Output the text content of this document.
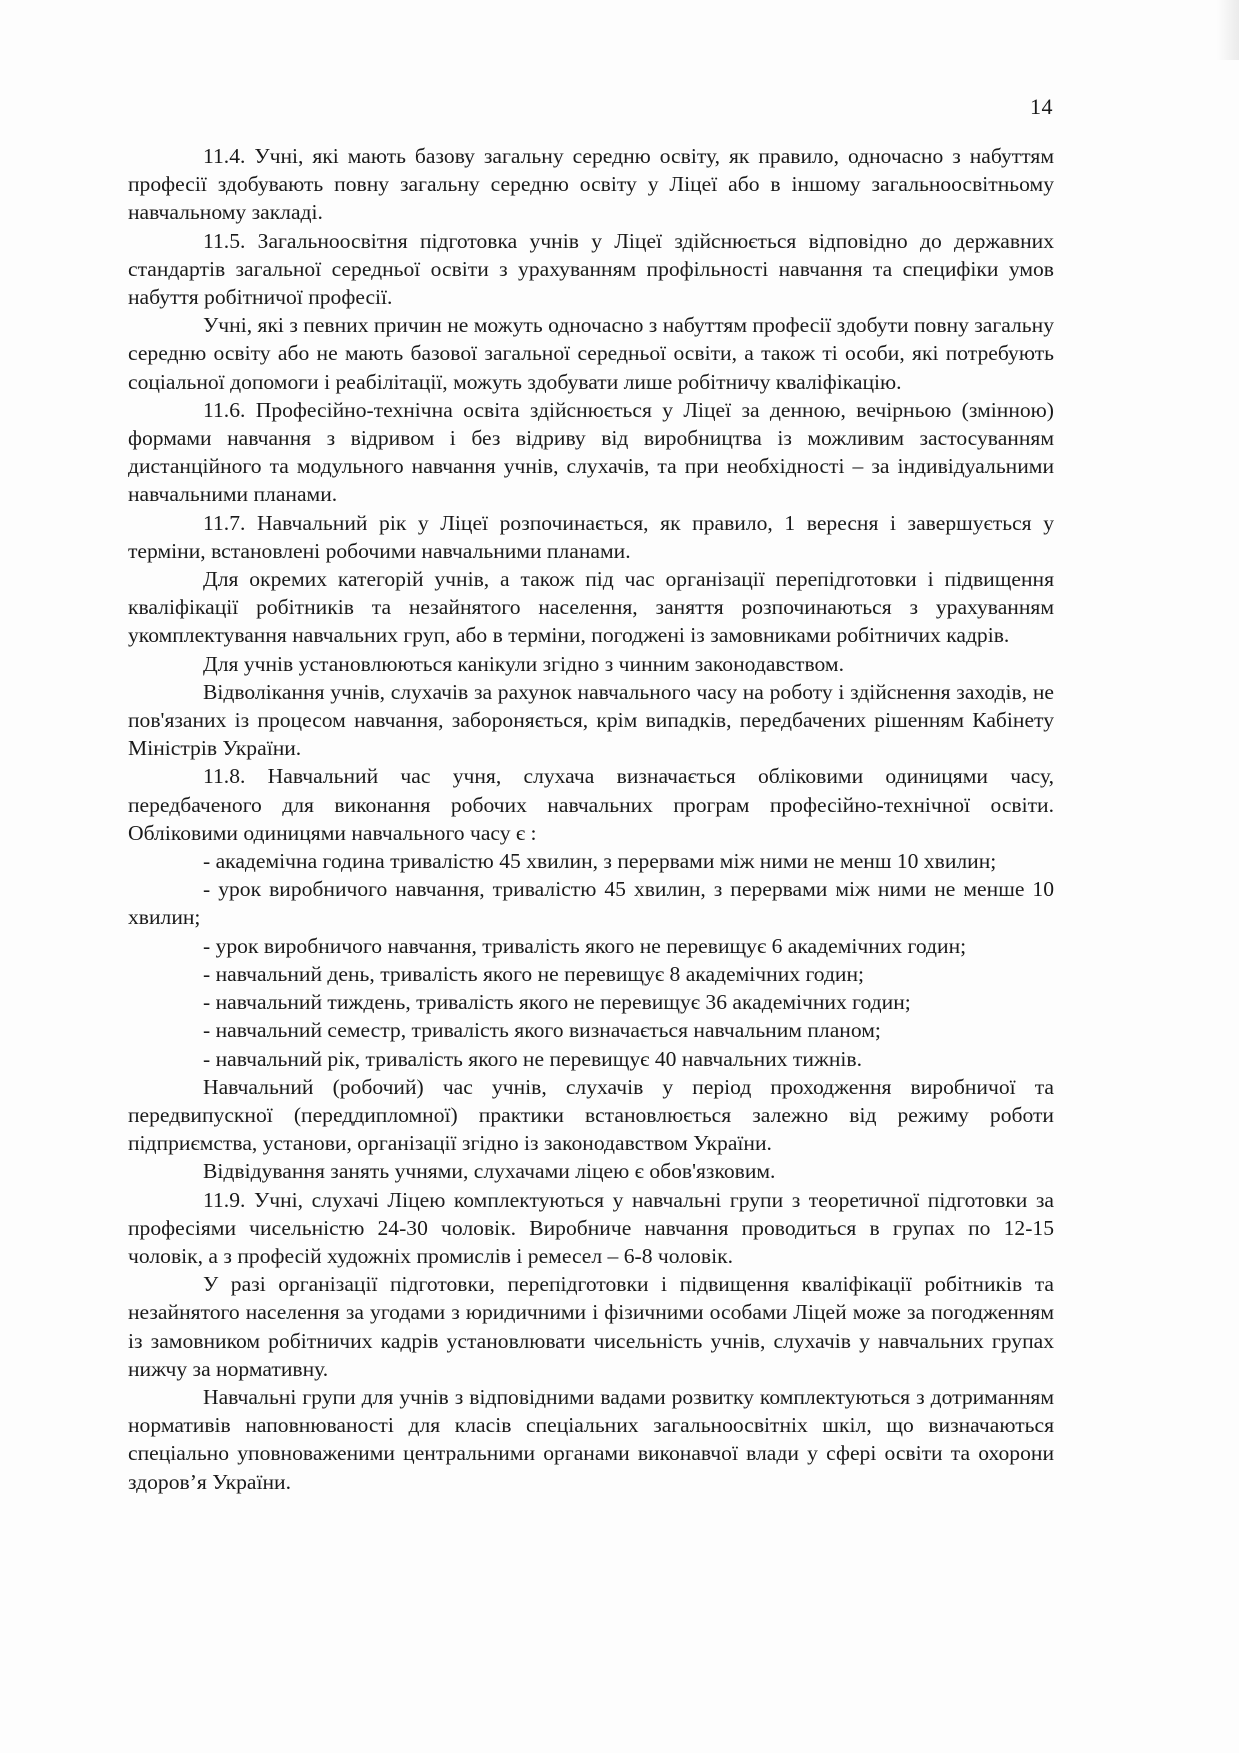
14

11.4. Учні, які мають базову загальну середню освіту, як правило, одночасно з набуттям професії здобувають повну загальну середню освіту у Ліцеї або в іншому загальноосвітньому навчальному закладі.

11.5. Загальноосвітня підготовка учнів у Ліцеї здійснюється відповідно до державних стандартів загальної середньої освіти з урахуванням профільності навчання та специфіки умов набуття робітничої професії.

Учні, які з певних причин не можуть одночасно з набуттям професії здобути повну загальну середню освіту або не мають базової загальної середньої освіти, а також ті особи, які потребують соціальної допомоги і реабілітації, можуть здобувати лише робітничу кваліфікацію.

11.6. Професійно-технічна освіта здійснюється у Ліцеї за денною, вечірньою (змінною) формами навчання з відривом і без відриву від виробництва із можливим застосуванням дистанційного та модульного навчання учнів, слухачів, та при необхідності – за індивідуальними навчальними планами.

11.7. Навчальний рік у Ліцеї розпочинається, як правило, 1 вересня і завершується у терміни, встановлені робочими навчальними планами.

Для окремих категорій учнів, а також під час організації перепідготовки і підвищення кваліфікації робітників та незайнятого населення, заняття розпочинаються з урахуванням укомплектування навчальних груп, або в терміни, погоджені із замовниками робітничих кадрів.

Для учнів установлюються канікули згідно з чинним законодавством.

Відволікання учнів, слухачів за рахунок навчального часу на роботу і здійснення заходів, не пов'язаних із процесом навчання, забороняється, крім випадків, передбачених рішенням Кабінету Міністрів України.

11.8. Навчальний час учня, слухача визначається обліковими одиницями часу, передбаченого для виконання робочих навчальних програм професійно-технічної освіти. Обліковими одиницями навчального часу є :

- академічна година тривалістю 45 хвилин, з перервами між ними не менш 10 хвилин;

- урок виробничого навчання, тривалістю 45 хвилин, з перервами між ними не менше 10 хвилин;

- урок виробничого навчання, тривалість якого не перевищує 6 академічних годин;

- навчальний день, тривалість якого не перевищує 8 академічних годин;

- навчальний тиждень, тривалість якого не перевищує 36 академічних годин;

- навчальний семестр, тривалість якого визначається навчальним планом;

- навчальний рік, тривалість якого не перевищує 40 навчальних тижнів.

Навчальний (робочий) час учнів, слухачів у період проходження виробничої та передвипускної (переддипломної) практики встановлюється залежно від режиму роботи підприємства, установи, організації згідно із законодавством України.

Відвідування занять учнями, слухачами ліцею є обов'язковим.

11.9. Учні, слухачі Ліцею комплектуються у навчальні групи з теоретичної підготовки за професіями чисельністю 24-30 чоловік. Виробниче навчання проводиться в групах по 12-15 чоловік, а з професій художніх промислів і ремесел – 6-8 чоловік.

У разі організації підготовки, перепідготовки і підвищення кваліфікації робітників та незайнятого населення за угодами з юридичними і фізичними особами Ліцей може за погодженням із замовником робітничих кадрів установлювати чисельність учнів, слухачів у навчальних групах нижчу за нормативну.

Навчальні групи для учнів з відповідними вадами розвитку комплектуються з дотриманням нормативів наповнюваності для класів спеціальних загальноосвітніх шкіл, що визначаються спеціально уповноваженими центральними органами виконавчої влади у сфері освіти та охорони здоров’я України.
